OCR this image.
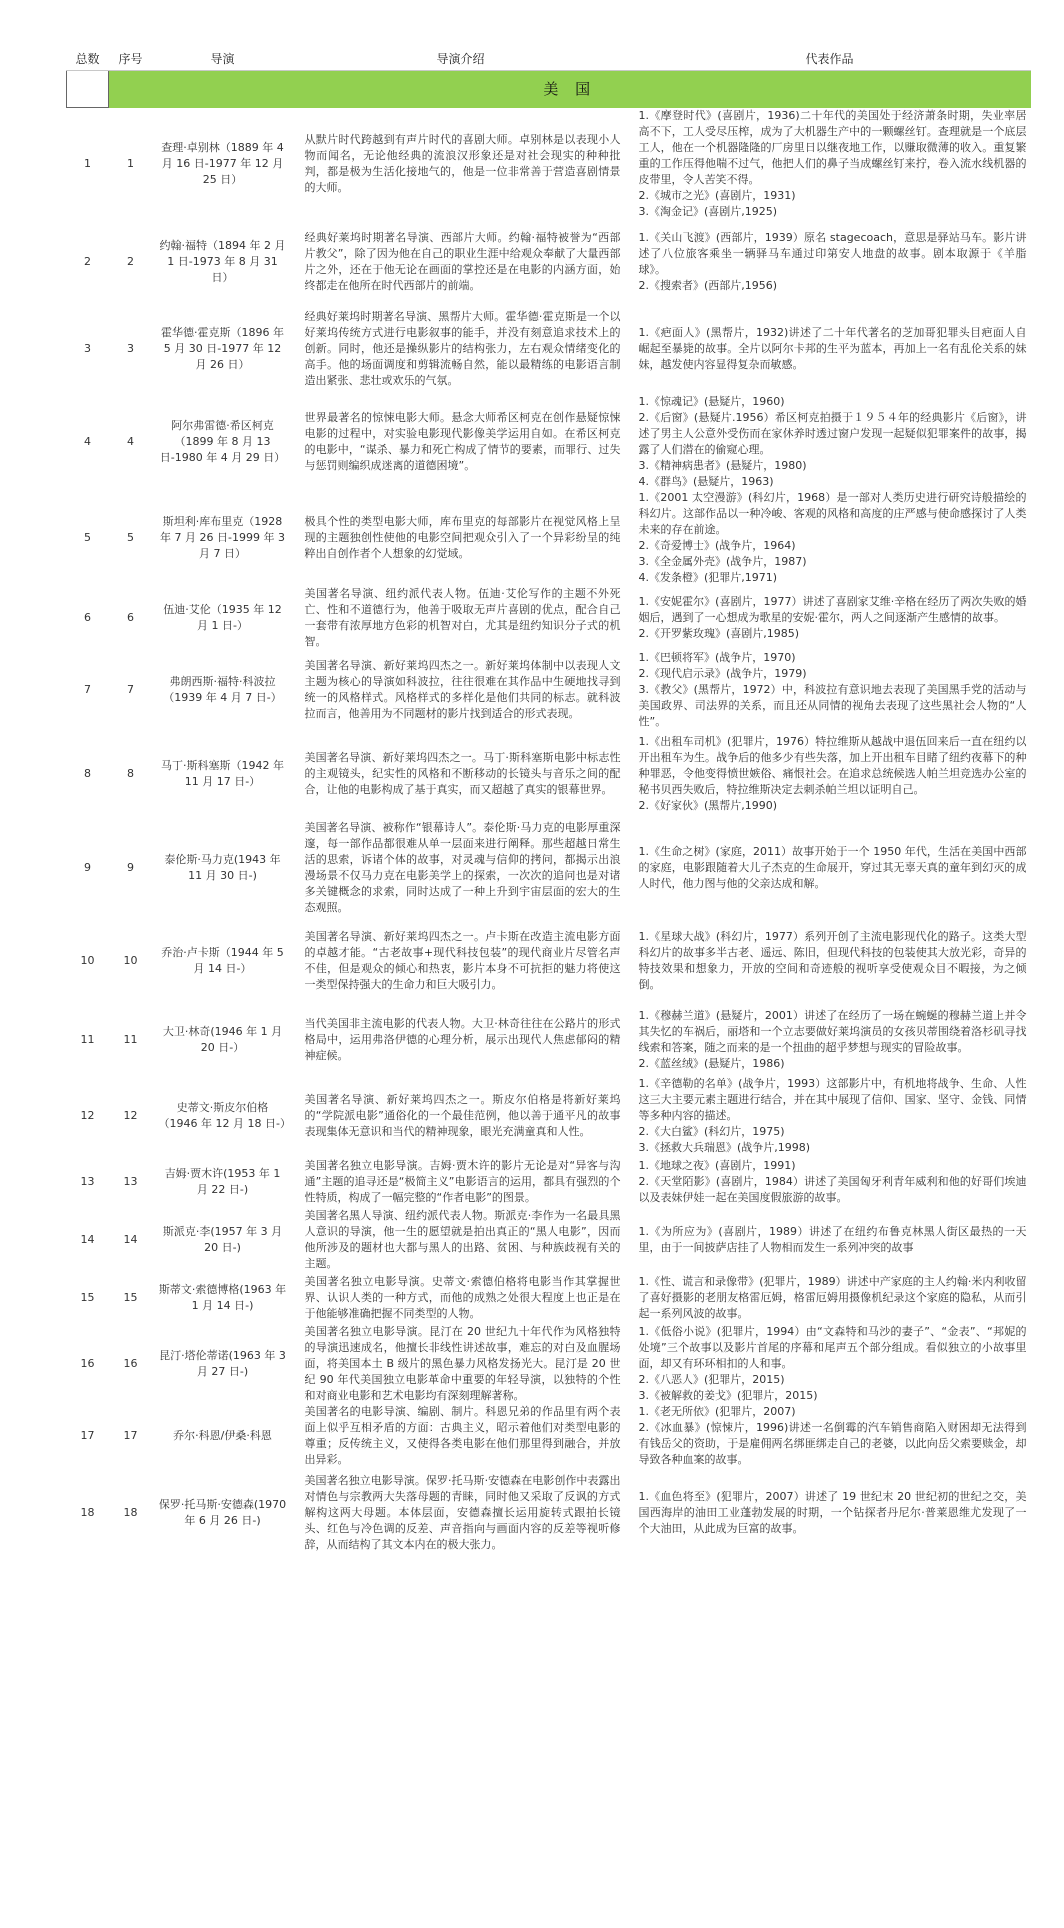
总数	序号	导演	导演介绍	代表作品
	美 国			
1	1	查理·卓别林（1889 年 4 月 16 日-1977 年 12 月 25 日）	从默片时代跨越到有声片时代的喜剧大师。卓别林是以表现小人物而闻名，无论他经典的流浪汉形象还是对社会现实的种种批判，都是极为生活化接地气的，他是一位非常善于营造喜剧情景的大师。	1.《摩登时代》(喜剧片，1936)二十年代的美国处于经济萧条时期，失业率居高不下，工人受尽压榨，成为了大机器生产中的一颗螺丝钉。查理就是一个底层工人，他在一个机器隆隆的厂房里日以继夜地工作，以赚取微薄的收入。重复繁重的工作压得他喘不过气，他把人们的鼻子当成螺丝钉来拧，卷入流水线机器的皮带里，令人苦笑不得。
2.《城市之光》(喜剧片，1931)
3.《淘金记》(喜剧片,1925)

2	2	约翰·福特（1894 年 2 月 1 日-1973 年 8 月 31 日）	经典好莱坞时期著名导演、西部片大师。约翰·福特被誉为“西部片教父”，除了因为他在自己的职业生涯中给观众奉献了大量西部片之外，还在于他无论在画面的掌控还是在电影的内涵方面，始终都走在他所在时代西部片的前端。	1.《关山飞渡》(西部片，1939）原名 stagecoach，意思是驿站马车。影片讲述了八位旅客乘坐一辆驿马车通过印第安人地盘的故事。剧本取源于《羊脂球》。
2.《搜索者》(西部片,1956)

3	3	霍华德·霍克斯（1896 年 5 月 30 日-1977 年 12 月 26 日）	经典好莱坞时期著名导演、黑帮片大师。霍华德·霍克斯是一个以好莱坞传统方式进行电影叙事的能手，并没有刻意追求技术上的创新。同时，他还是操纵影片的结构张力，左右观众情绪变化的高手。他的场面调度和剪辑流畅自然，能以最精练的电影语言制造出紧张、悲壮或欢乐的气氛。	1.《疤面人》(黑帮片，1932)讲述了二十年代著名的芝加哥犯罪头目疤面人自崛起至暴毙的故事。全片以阿尔卡邦的生平为蓝本，再加上一名有乱伦关系的妹妹，越发使内容显得复杂而敏感。

4	4	阿尔弗雷德·希区柯克（1899 年 8 月 13 日-1980 年 4 月 29 日）	世界最著名的惊悚电影大师。悬念大师希区柯克在创作悬疑惊悚电影的过程中，对实验电影现代影像美学运用自如。在希区柯克的电影中，“谋杀、暴力和死亡构成了情节的要素，而罪行、过失与惩罚则编织成迷离的道德困境”。	1.《惊魂记》(悬疑片，1960)
2.《后窗》(悬疑片.1956）希区柯克拍摄于１９５４年的经典影片《后窗》，讲述了男主人公意外受伤而在家休养时透过窗户发现一起疑似犯罪案件的故事，揭露了人们潜在的偷窥心理。
3.《精神病患者》(悬疑片，1980)
4.《群鸟》(悬疑片，1963)

5	5	斯坦利·库布里克（1928 年 7 月 26 日-1999 年 3 月 7 日）	极具个性的类型电影大师，库布里克的每部影片在视觉风格上呈现的主题独创性使他的电影空间把观众引入了一个异彩纷呈的纯粹出自创作者个人想象的幻觉域。	1.《2001 太空漫游》(科幻片，1968）是一部对人类历史进行研究诗般描绘的科幻片。这部作品以一种冷峻、客观的风格和高度的庄严感与使命感探讨了人类未来的存在前途。
2.《奇爱博士》(战争片，1964)
3.《全金属外壳》(战争片，1987)
4.《发条橙》(犯罪片,1971)

6	6	伍迪·艾伦（1935 年 12 月 1 日-）	美国著名导演、纽约派代表人物。伍迪·艾伦写作的主题不外死亡、性和不道德行为，他善于吸取无声片喜剧的优点，配合自己一套带有浓厚地方色彩的机智对白，尤其是纽约知识分子式的机智。	1.《安妮霍尔》(喜剧片，1977）讲述了喜剧家艾维·辛格在经历了两次失败的婚姻后，遇到了一心想成为歌星的安妮·霍尔，两人之间逐渐产生感情的故事。
2.《开罗紫玫瑰》(喜剧片,1985)

7	7	弗朗西斯·福特·科波拉（1939 年 4 月 7 日-）	美国著名导演、新好莱坞四杰之一。新好莱坞体制中以表现人文主题为核心的导演如科波拉，往往很难在其作品中生硬地找寻到统一的风格样式。风格样式的多样化是他们共同的标志。就科波拉而言，他善用为不同题材的影片找到适合的形式表现。	1.《巴顿将军》(战争片，1970)
2.《现代启示录》(战争片，1979)
3.《教父》(黑帮片，1972）中，科波拉有意识地去表现了美国黑手党的活动与美国政界、司法界的关系，而且还从同情的视角去表现了这些黑社会人物的“人性”。

8	8	马丁·斯科塞斯（1942 年 11 月 17 日-）	美国著名导演、新好莱坞四杰之一。马丁·斯科塞斯电影中标志性的主观镜头，纪实性的风格和不断移动的长镜头与音乐之间的配合，让他的电影构成了基于真实，而又超越了真实的银幕世界。	1.《出租车司机》(犯罪片，1976）特拉维斯从越战中退伍回来后一直在纽约以开出租车为生。战争后的他多少有些失落，加上开出租车目睹了纽约夜幕下的种种罪恶，令他变得愤世嫉俗、痛恨社会。在追求总统候选人帕兰坦竞选办公室的秘书贝西失败后，特拉维斯决定去刺杀帕兰坦以证明自己。
2.《好家伙》(黑帮片,1990)

9	9	泰伦斯·马力克(1943 年 11 月 30 日-)	美国著名导演、被称作“银幕诗人”。泰伦斯·马力克的电影厚重深邃，每一部作品都很难从单一层面来进行阐释。那些超越日常生活的思索，诉诸个体的故事，对灵魂与信仰的拷问，都揭示出浪漫场景不仅马力克在电影美学上的探索，一次次的追问也是对诸多关键概念的求索，同时达成了一种上升到宇宙层面的宏大的生态观照。	1.《生命之树》(家庭，2011）故事开始于一个 1950 年代，生活在美国中西部的家庭，电影跟随着大儿子杰克的生命展开，穿过其无辜天真的童年到幻灭的成人时代，他力图与他的父亲达成和解。

10	10	乔治·卢卡斯（1944 年 5 月 14 日-）	美国著名导演、新好莱坞四杰之一。卢卡斯在改造主流电影方面的卓越才能。“古老故事+现代科技包装”的现代商业片尽管名声不佳，但是观众的倾心和热衷，影片本身不可抗拒的魅力将使这一类型保持强大的生命力和巨大吸引力。	1.《星球大战》(科幻片，1977）系列开创了主流电影现代化的路子。这类大型科幻片的故事多半古老、遥远、陈旧，但现代科技的包装使其大放光彩，奇异的特技效果和想象力，开放的空间和奇迹般的视听享受使观众目不暇接，为之倾倒。

11	11	大卫·林奇(1946 年 1 月 20 日-）	当代美国非主流电影的代表人物。大卫·林奇往往在公路片的形式格局中，运用弗洛伊德的心理分析，展示出现代人焦虑郁闷的精神症候。	1.《穆赫兰道》(悬疑片，2001）讲述了在经历了一场在蜿蜒的穆赫兰道上并令其失忆的车祸后，丽塔和一个立志要做好莱坞演员的女孩贝蒂围绕着洛杉矶寻找线索和答案，随之而来的是一个扭曲的超乎梦想与现实的冒险故事。
2.《蓝丝绒》(悬疑片，1986)

12	12	史蒂文·斯皮尔伯格（1946 年 12 月 18 日-）	美国著名导演、新好莱坞四杰之一。斯皮尔伯格是将新好莱坞的“学院派电影”通俗化的一个最佳范例，他以善于通平凡的故事表现集体无意识和当代的精神现象，眼光充满童真和人性。	1.《辛德勒的名单》(战争片，1993）这部影片中，有机地将战争、生命、人性这三大主要元素主题进行结合，并在其中展现了信仰、国家、坚守、金钱、同情等多种内容的描述。
2.《大白鲨》(科幻片，1975)
3.《拯救大兵瑞恩》(战争片,1998)

13	13	吉姆·贾木许(1953 年 1 月 22 日-)	美国著名独立电影导演。吉姆·贾木许的影片无论是对“异客与沟通”主题的追寻还是“极简主义”电影语言的运用，都具有强烈的个性特质，构成了一幅完整的“作者电影”的图景。	1.《地球之夜》(喜剧片，1991)
2.《天堂陌影》(喜剧片，1984）讲述了美国匈牙利青年威利和他的好哥们埃迪以及表妹伊娃一起在美国度假旅游的故事。

14	14	斯派克·李(1957 年 3 月 20 日-)	美国著名黑人导演、纽约派代表人物。斯派克·李作为一名最具黑人意识的导演，他一生的愿望就是拍出真正的“黑人电影”，因而他所涉及的题材也大都与黑人的出路、贫困、与种族歧视有关的主题。	1.《为所应为》(喜剧片，1989）讲述了在纽约布鲁克林黑人街区最热的一天里，由于一间披萨店挂了人物相而发生一系列冲突的故事

15	15	斯蒂文·索德博格(1963 年 1 月 14 日-)	美国著名独立电影导演。史蒂文·索德伯格将电影当作其掌握世界、认识人类的一种方式，而他的成熟之处很大程度上也正是在于他能够准确把握不同类型的人物。	1.《性、谎言和录像带》(犯罪片，1989）讲述中产家庭的主人约翰·米内利收留了喜好摄影的老朋友格雷厄姆，格雷厄姆用摄像机纪录这个家庭的隐私，从而引起一系列风波的故事。

16	16	昆汀·塔伦蒂诺(1963 年 3 月 27 日-)	美国著名独立电影导演。昆汀在 20 世纪九十年代作为风格独特的导演迅速成名，他擅长非线性讲述故事，难忘的对白及血腥场面，将美国本土 B 级片的黑色暴力风格发扬光大。昆汀是 20 世纪 90 年代美国独立电影革命中重要的年轻导演，以独特的个性和对商业电影和艺术电影均有深刻理解著称。	1.《低俗小说》(犯罪片，1994）由“文森特和马沙的妻子”、“金表”、“邦妮的处境”三个故事以及影片首尾的序幕和尾声五个部分组成。看似独立的小故事里面，却又有环环相扣的人和事。
2.《八恶人》(犯罪片，2015)
3.《被解救的姜戈》(犯罪片，2015)

17	17	乔尔·科恩/伊桑·科恩	美国著名的电影导演、编剧、制片。科恩兄弟的作品里有两个表面上似乎互相矛盾的方面：古典主义，昭示着他们对类型电影的尊重；反传统主义，又使得各类电影在他们那里得到融合，并放出异彩。	1.《老无所依》(犯罪片，2007)
2.《冰血暴》(惊悚片，1996)讲述一名倒霉的汽车销售商陷入财困却无法得到有钱岳父的资助，于是雇佣两名绑匪绑走自己的老婆，以此向岳父索要赎金，却导致各种血案的故事。

18	18	保罗·托马斯·安德森(1970 年 6 月 26 日-)	美国著名独立电影导演。保罗·托马斯·安德森在电影创作中表露出对情色与宗教两大失落母题的青睐，同时他又采取了反讽的方式解构这两大母题。本体层面，安德森擅长运用旋转式跟拍长镜头、红色与冷色调的反差、声音指向与画面内容的反差等视听修辞，从而结构了其文本内在的极大张力。	1.《血色将至》(犯罪片，2007）讲述了 19 世纪末 20 世纪初的世纪之交，美国西海岸的油田工业蓬勃发展的时期，一个钻探者丹尼尔·普莱恩维尤发现了一个大油田，从此成为巨富的故事。
